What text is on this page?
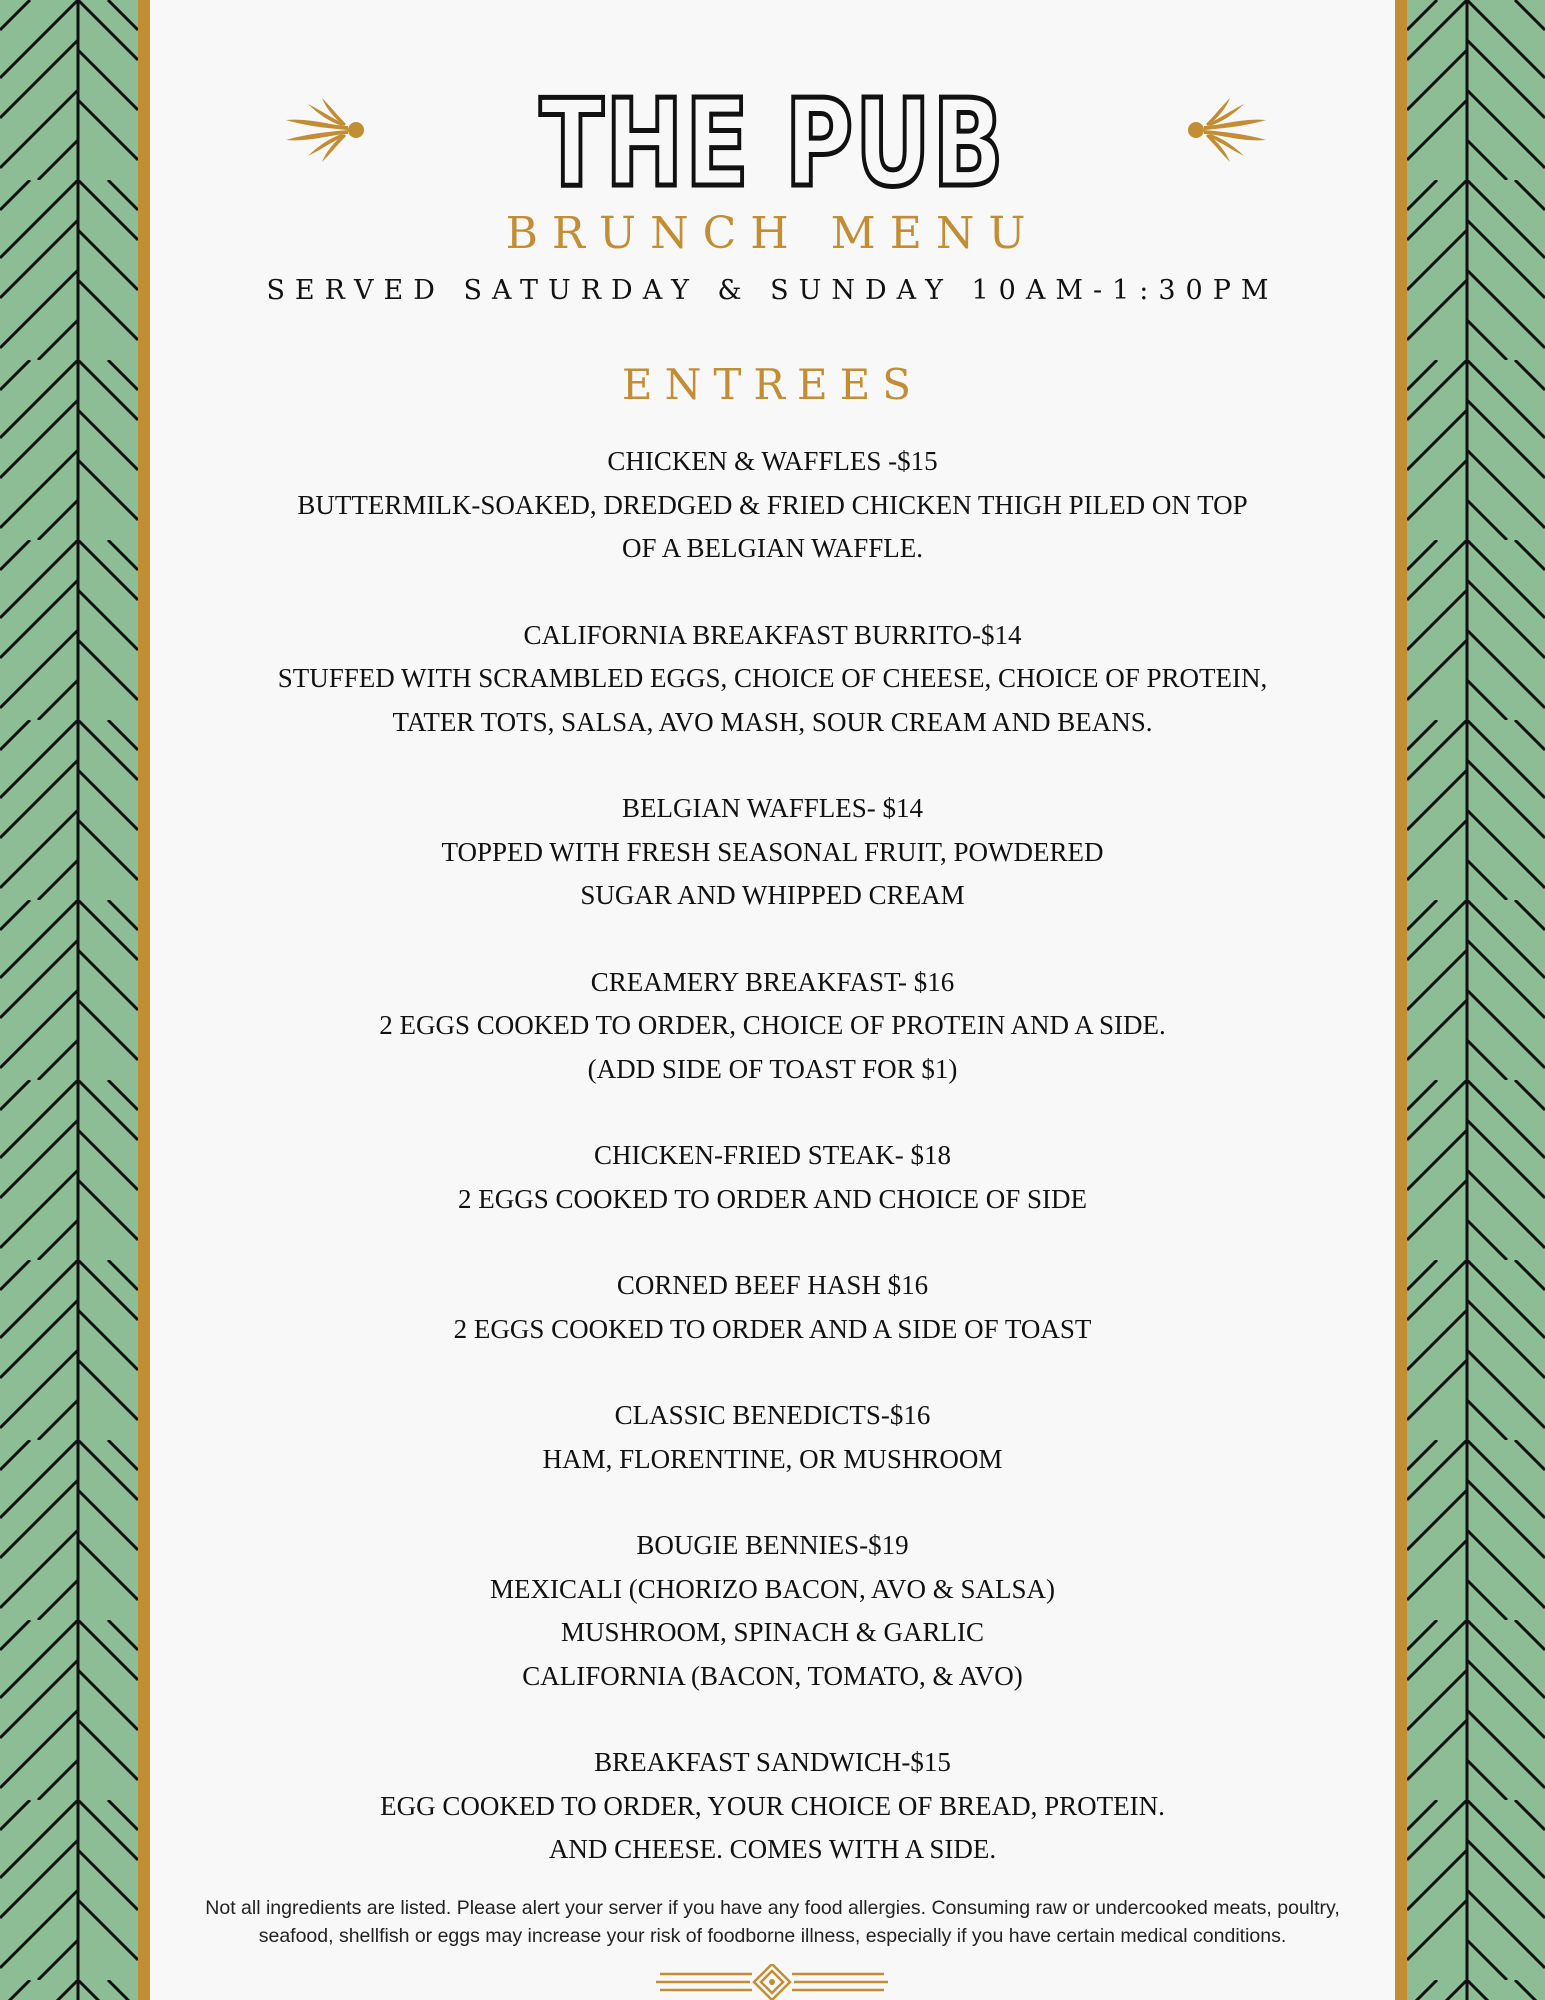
THE PUB
BRUNCH MENU
SERVED SATURDAY & SUNDAY 10AM-1:30PM
ENTREES
CHICKEN & WAFFLES -$15
BUTTERMILK-SOAKED, DREDGED & FRIED CHICKEN THIGH PILED ON TOP
OF A BELGIAN WAFFLE.
CALIFORNIA BREAKFAST BURRITO-$14
STUFFED WITH SCRAMBLED EGGS, CHOICE OF CHEESE, CHOICE OF PROTEIN,
TATER TOTS, SALSA, AVO MASH, SOUR CREAM AND BEANS.
BELGIAN WAFFLES- $14
TOPPED WITH FRESH SEASONAL FRUIT, POWDERED
SUGAR AND WHIPPED CREAM
CREAMERY BREAKFAST- $16
2 EGGS COOKED TO ORDER, CHOICE OF PROTEIN AND A SIDE.
(ADD SIDE OF TOAST FOR $1)
CHICKEN-FRIED STEAK- $18
2 EGGS COOKED TO ORDER AND CHOICE OF SIDE
CORNED BEEF HASH $16
2 EGGS COOKED TO ORDER AND A SIDE OF TOAST
CLASSIC BENEDICTS-$16
HAM, FLORENTINE, OR MUSHROOM
BOUGIE BENNIES-$19
MEXICALI (CHORIZO BACON, AVO & SALSA)
MUSHROOM, SPINACH & GARLIC
CALIFORNIA (BACON, TOMATO, & AVO)
BREAKFAST SANDWICH-$15
EGG COOKED TO ORDER, YOUR CHOICE OF BREAD, PROTEIN.
AND CHEESE. COMES WITH A SIDE.
Not all ingredients are listed. Please alert your server if you have any food allergies. Consuming raw or undercooked meats, poultry,
seafood, shellfish or eggs may increase your risk of foodborne illness, especially if you have certain medical conditions.
